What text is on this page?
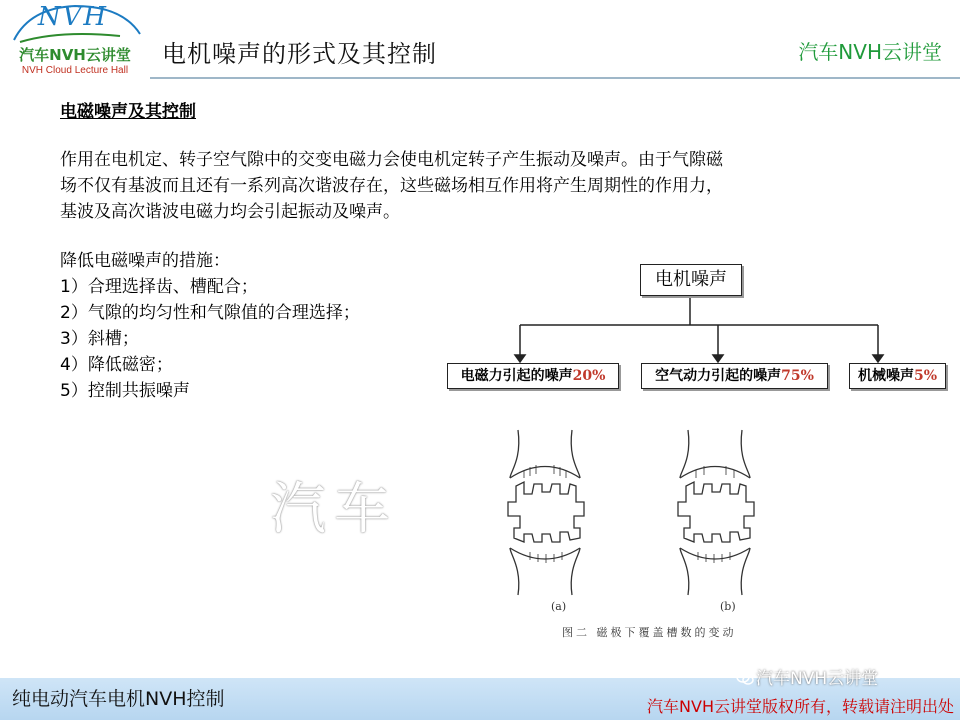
NVH
汽车NVH云讲堂
NVH Cloud Lecture Hall
电机噪声的形式及其控制	汽车NVH云讲堂
电磁噪声及其控制
作用在电机定、转子空气隙中的交变电磁力会使电机定转子产生振动及噪声。由于气隙磁
场不仅有基波而且还有一系列高次谐波存在，这些磁场相互作用将产生周期性的作用力，
基波及高次谐波电磁力均会引起振动及噪声。
降低电磁噪声的措施：
1）合理选择齿、槽配合；
2）气隙的均匀性和气隙值的合理选择；
3）斜槽；
4）降低磁密；
5）控制共振噪声
汽车
电机噪声
电磁力引起的噪声20%	空气动力引起的噪声75%	机械噪声5%
(a)	(b)
图二 磁极下覆盖槽数的变动
纯电动汽车电机NVH控制
汽车NVH云讲堂
汽车NVH云讲堂版权所有，转载请注明出处
